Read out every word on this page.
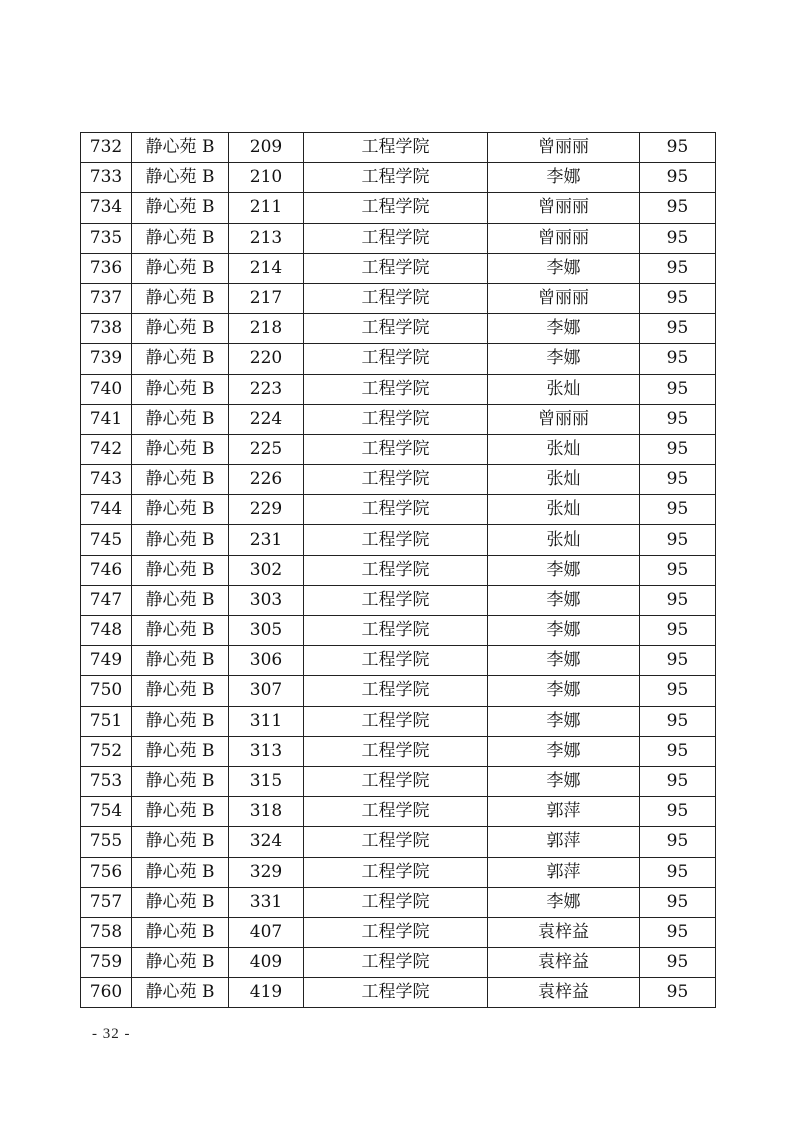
732	静心苑 B	209	工程学院	曾丽丽	95
733	静心苑 B	210	工程学院	李娜	95
734	静心苑 B	211	工程学院	曾丽丽	95
735	静心苑 B	213	工程学院	曾丽丽	95
736	静心苑 B	214	工程学院	李娜	95
737	静心苑 B	217	工程学院	曾丽丽	95
738	静心苑 B	218	工程学院	李娜	95
739	静心苑 B	220	工程学院	李娜	95
740	静心苑 B	223	工程学院	张灿	95
741	静心苑 B	224	工程学院	曾丽丽	95
742	静心苑 B	225	工程学院	张灿	95
743	静心苑 B	226	工程学院	张灿	95
744	静心苑 B	229	工程学院	张灿	95
745	静心苑 B	231	工程学院	张灿	95
746	静心苑 B	302	工程学院	李娜	95
747	静心苑 B	303	工程学院	李娜	95
748	静心苑 B	305	工程学院	李娜	95
749	静心苑 B	306	工程学院	李娜	95
750	静心苑 B	307	工程学院	李娜	95
751	静心苑 B	311	工程学院	李娜	95
752	静心苑 B	313	工程学院	李娜	95
753	静心苑 B	315	工程学院	李娜	95
754	静心苑 B	318	工程学院	郭萍	95
755	静心苑 B	324	工程学院	郭萍	95
756	静心苑 B	329	工程学院	郭萍	95
757	静心苑 B	331	工程学院	李娜	95
758	静心苑 B	407	工程学院	袁梓益	95
759	静心苑 B	409	工程学院	袁梓益	95
760	静心苑 B	419	工程学院	袁梓益	95
- 32 -
